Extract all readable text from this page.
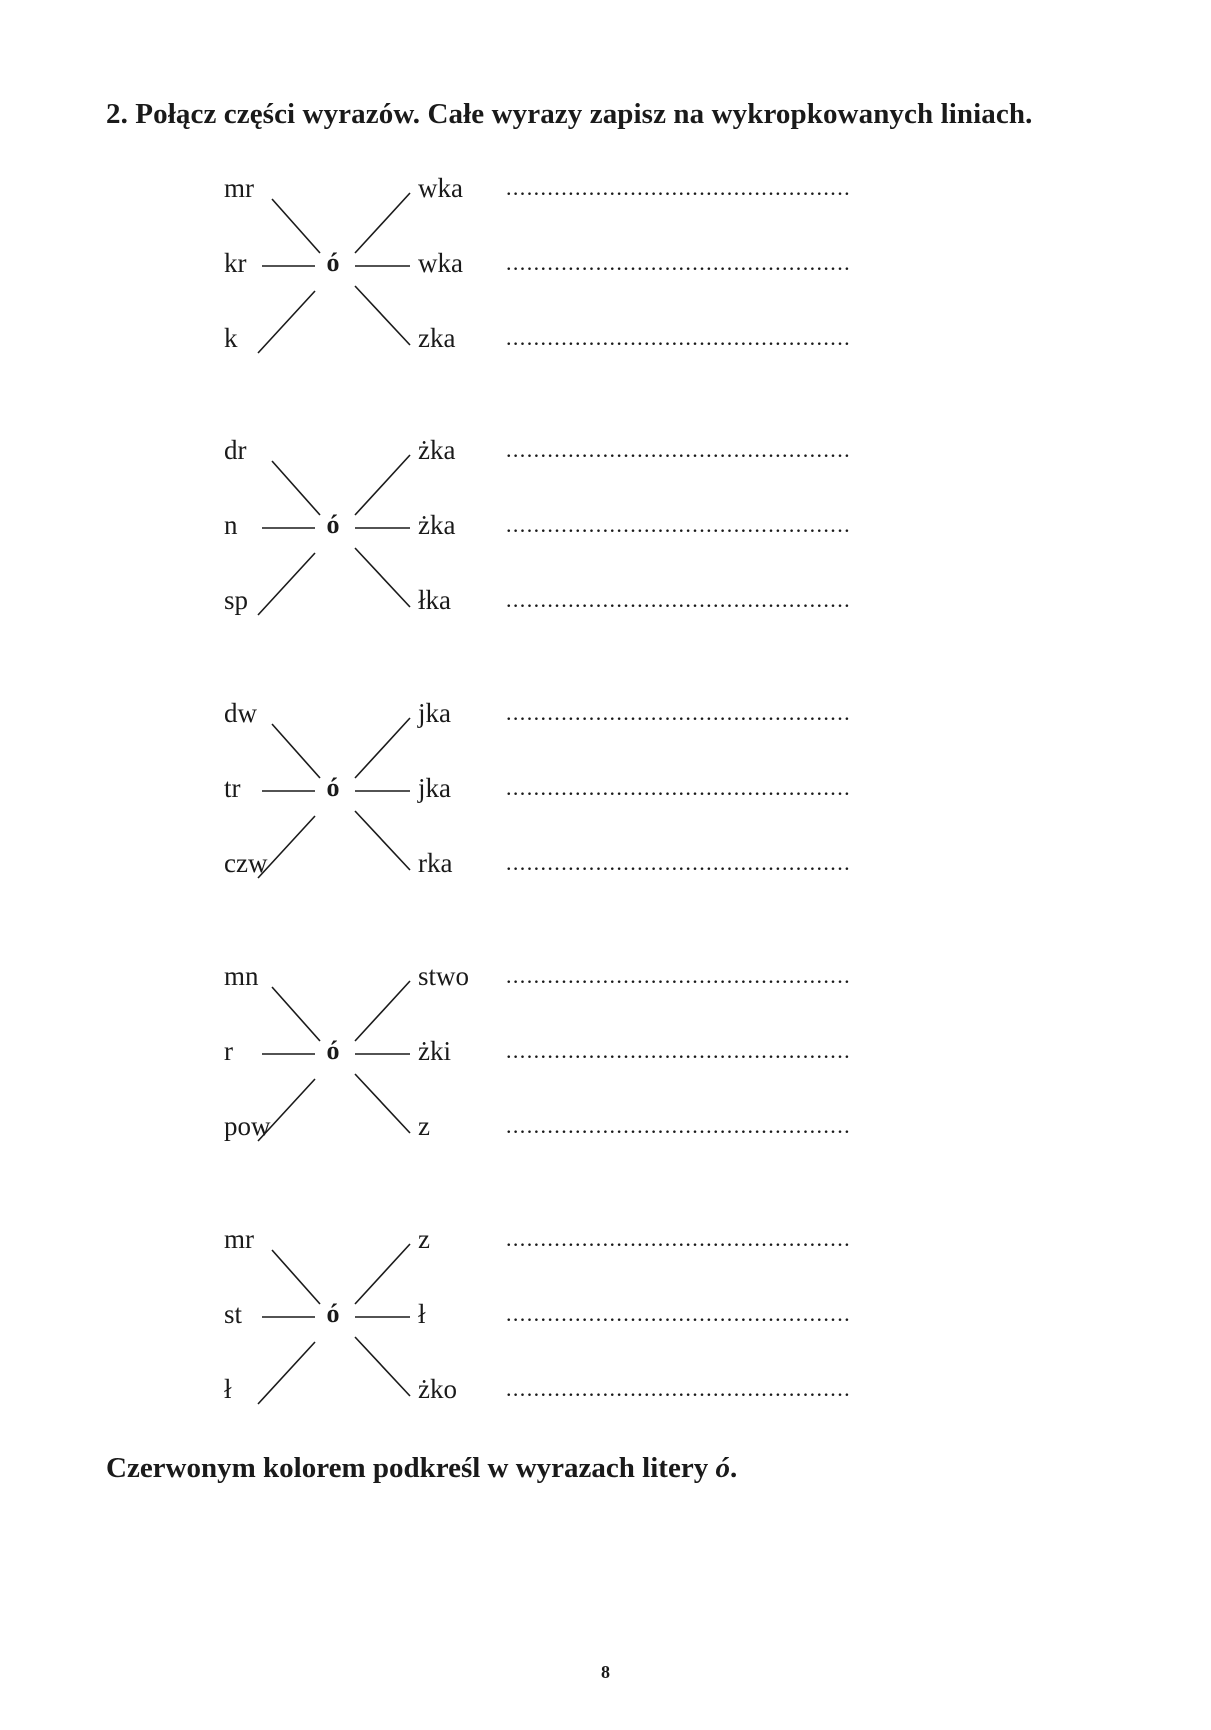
2. Połącz części wyrazów. Całe wyrazy zapisz na wykropkowanych liniach.
mr
kr
k
ó
wka ..................................................
wka ..................................................
zka ..................................................
dr
n
sp
ó
żka ..................................................
żka ..................................................
łka	..................................................
dw
tr
czw
ó
jka	..................................................
jka	..................................................
rka ..................................................
mn
r
pow
ó
stwo ..................................................
żki	..................................................
z	..................................................
mr
st
ł
ó
z	..................................................
ł	..................................................
żko ..................................................

Czerwonym kolorem podkreśl w wyrazach litery ó.

8
